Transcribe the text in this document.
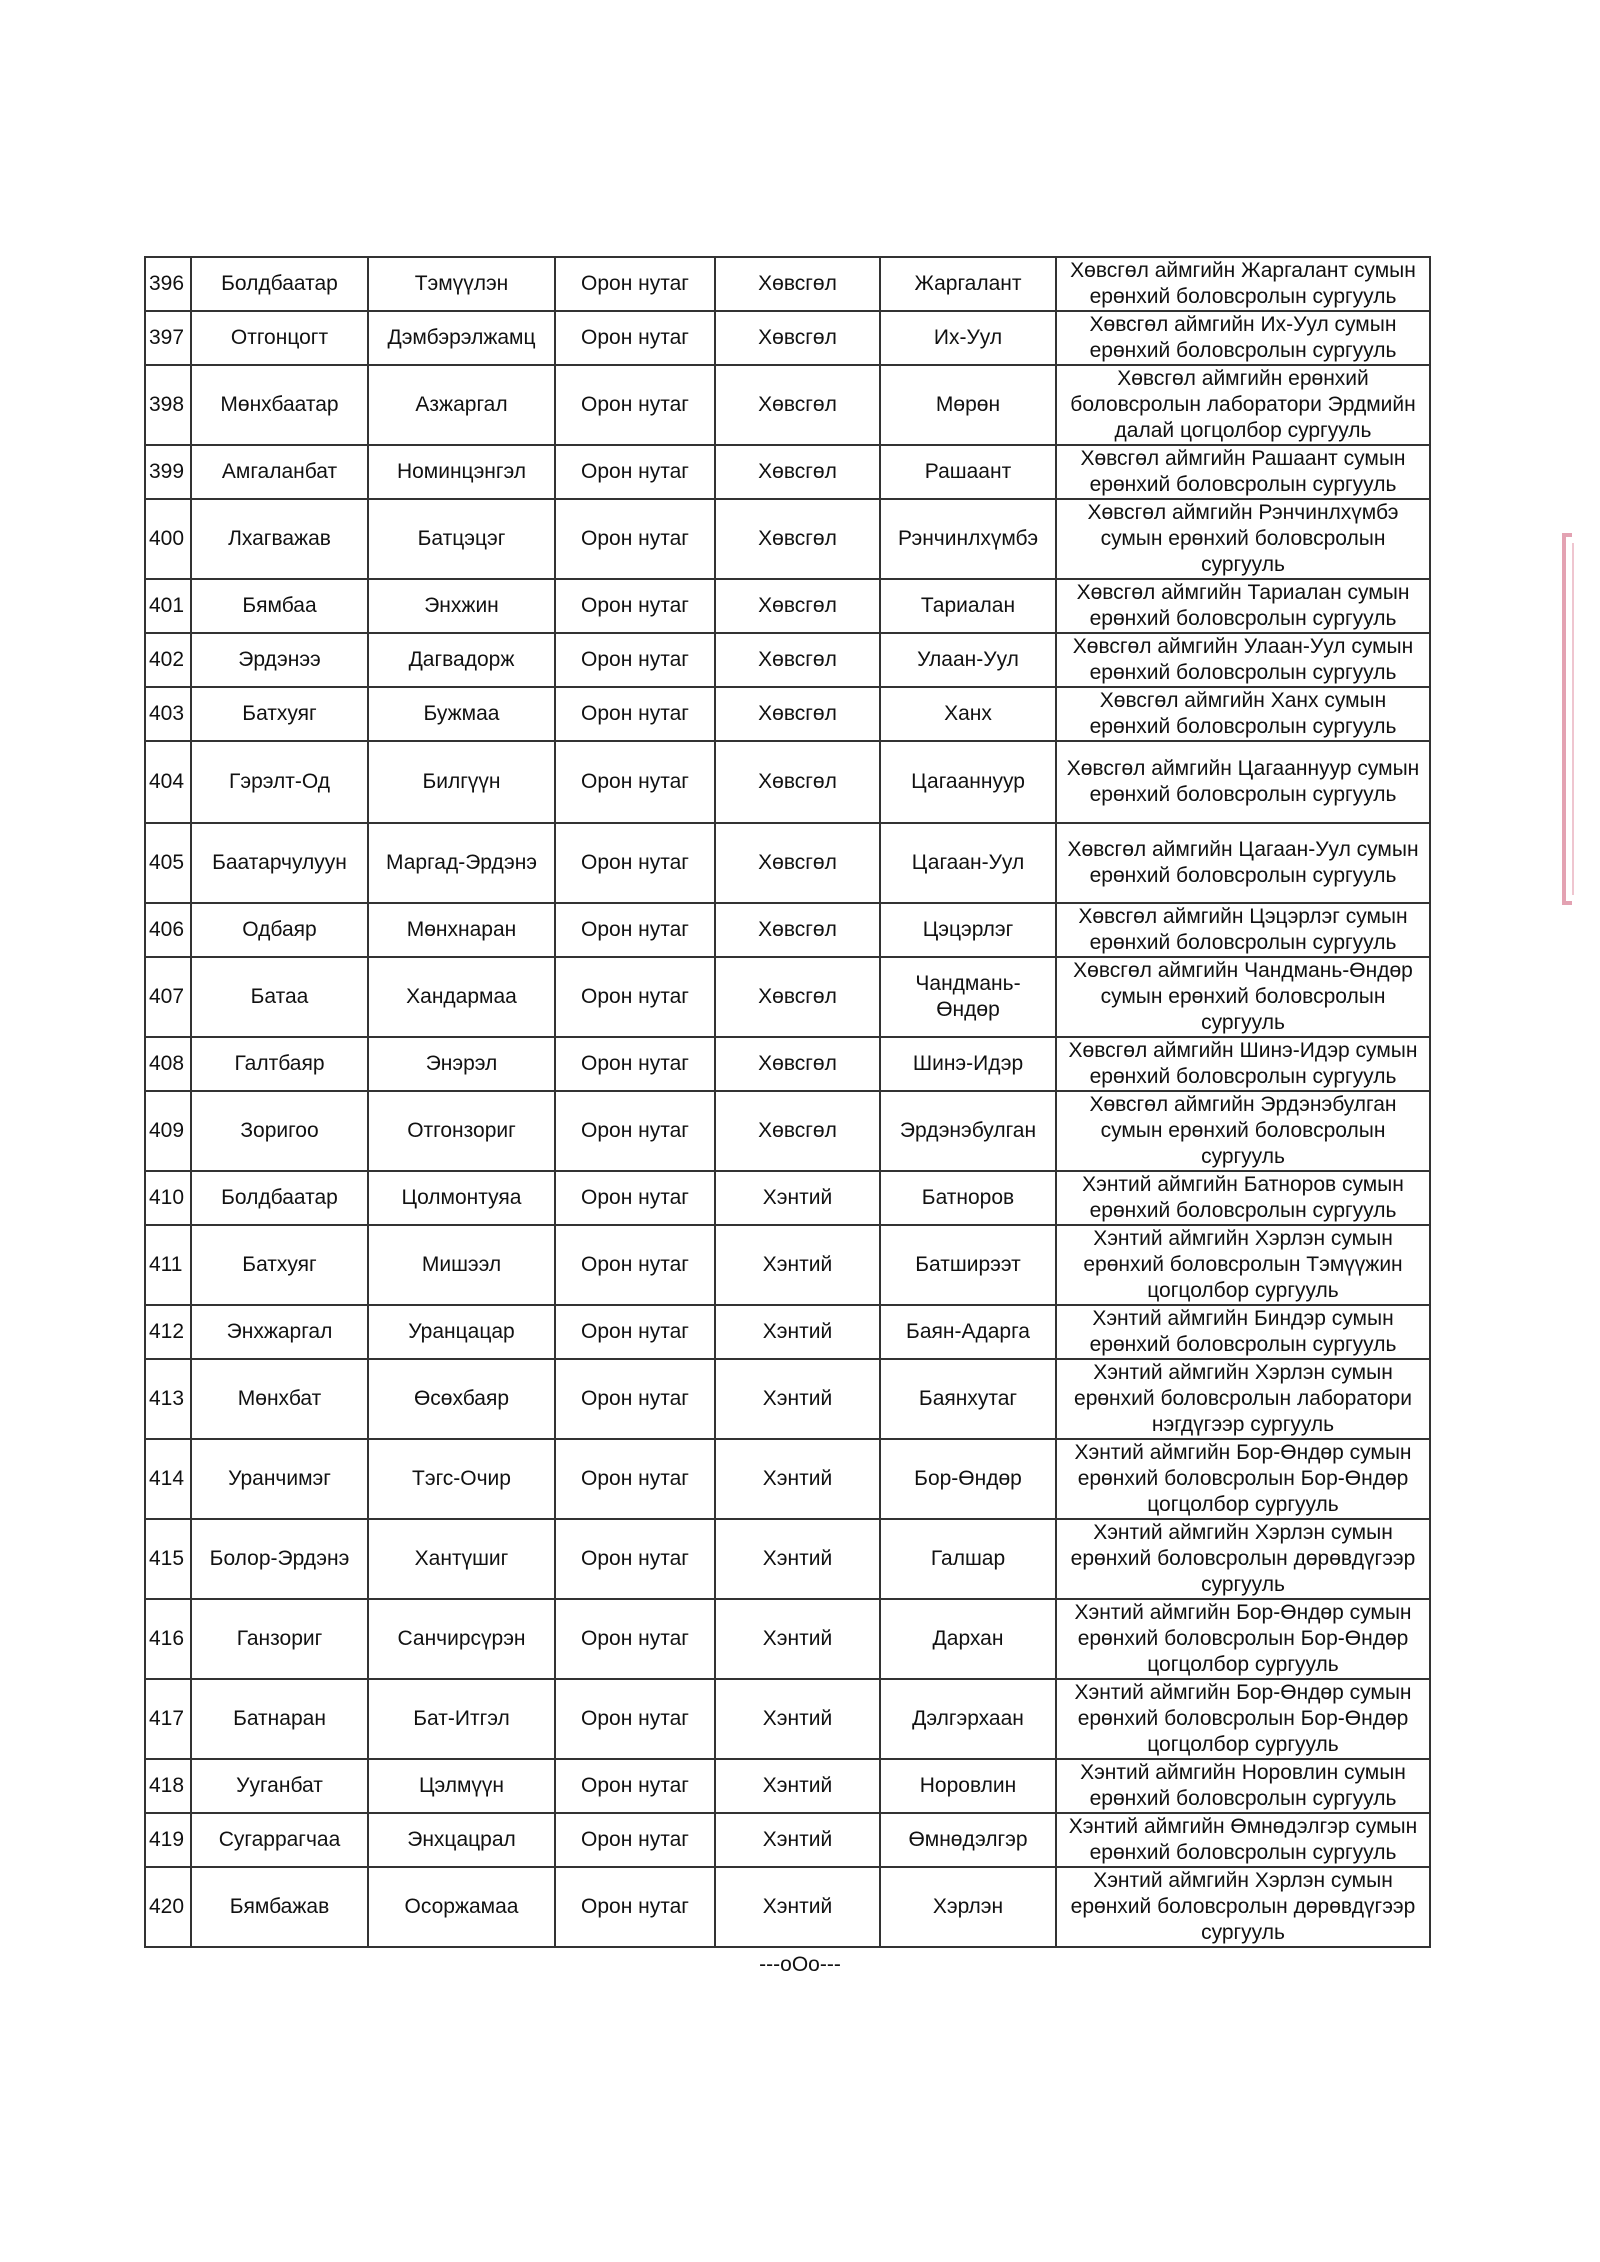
396	Болдбаатар	Тэмүүлэн	Орон нутаг	Хөвсгөл	Жаргалант	Хөвсгөл аймгийн Жаргалант сумын ерөнхий боловсролын сургууль
397	Отгонцогт	Дэмбэрэлжамц	Орон нутаг	Хөвсгөл	Их-Уул	Хөвсгөл аймгийн Их-Уул сумын ерөнхий боловсролын сургууль
398	Мөнхбаатар	Азжаргал	Орон нутаг	Хөвсгөл	Мөрөн	Хөвсгөл аймгийн ерөнхий боловсролын лаборатори Эрдмийн далай цогцолбор сургууль
399	Амгаланбат	Номинцэнгэл	Орон нутаг	Хөвсгөл	Рашаант	Хөвсгөл аймгийн Рашаант сумын ерөнхий боловсролын сургууль
400	Лхагважав	Батцэцэг	Орон нутаг	Хөвсгөл	Рэнчинлхүмбэ	Хөвсгөл аймгийн Рэнчинлхүмбэ сумын ерөнхий боловсролын сургууль
401	Бямбаа	Энхжин	Орон нутаг	Хөвсгөл	Тариалан	Хөвсгөл аймгийн Тариалан сумын ерөнхий боловсролын сургууль
402	Эрдэнээ	Дагвадорж	Орон нутаг	Хөвсгөл	Улаан-Уул	Хөвсгөл аймгийн Улаан-Уул сумын ерөнхий боловсролын сургууль
403	Батхуяг	Бужмаа	Орон нутаг	Хөвсгөл	Ханх	Хөвсгөл аймгийн Ханх сумын ерөнхий боловсролын сургууль
404	Гэрэлт-Од	Билгүүн	Орон нутаг	Хөвсгөл	Цагааннуур	Хөвсгөл аймгийн Цагааннуур сумын ерөнхий боловсролын сургууль
405	Баатарчулуун	Маргад-Эрдэнэ	Орон нутаг	Хөвсгөл	Цагаан-Уул	Хөвсгөл аймгийн Цагаан-Уул сумын ерөнхий боловсролын сургууль
406	Одбаяр	Мөнхнаран	Орон нутаг	Хөвсгөл	Цэцэрлэг	Хөвсгөл аймгийн Цэцэрлэг сумын ерөнхий боловсролын сургууль
407	Батаа	Хандармаа	Орон нутаг	Хөвсгөл	Чандмань-Өндөр	Хөвсгөл аймгийн Чандмань-Өндөр сумын ерөнхий боловсролын сургууль
408	Галтбаяр	Энэрэл	Орон нутаг	Хөвсгөл	Шинэ-Идэр	Хөвсгөл аймгийн Шинэ-Идэр сумын ерөнхий боловсролын сургууль
409	Зоригоо	Отгонзориг	Орон нутаг	Хөвсгөл	Эрдэнэбулган	Хөвсгөл аймгийн Эрдэнэбулган сумын ерөнхий боловсролын сургууль
410	Болдбаатар	Цолмонтуяа	Орон нутаг	Хэнтий	Батноров	Хэнтий аймгийн Батноров сумын ерөнхий боловсролын сургууль
411	Батхуяг	Мишээл	Орон нутаг	Хэнтий	Батширээт	Хэнтий аймгийн Хэрлэн сумын ерөнхий боловсролын Тэмүүжин цогцолбор сургууль
412	Энхжаргал	Уранцацар	Орон нутаг	Хэнтий	Баян-Адарга	Хэнтий аймгийн Биндэр сумын ерөнхий боловсролын сургууль
413	Мөнхбат	Өсөхбаяр	Орон нутаг	Хэнтий	Баянхутаг	Хэнтий аймгийн Хэрлэн сумын ерөнхий боловсролын лаборатори нэгдүгээр сургууль
414	Уранчимэг	Тэгс-Очир	Орон нутаг	Хэнтий	Бор-Өндөр	Хэнтий аймгийн Бор-Өндөр сумын ерөнхий боловсролын Бор-Өндөр цогцолбор сургууль
415	Болор-Эрдэнэ	Хантүшиг	Орон нутаг	Хэнтий	Галшар	Хэнтий аймгийн Хэрлэн сумын ерөнхий боловсролын дөрөвдүгээр сургууль
416	Ганзориг	Санчирсүрэн	Орон нутаг	Хэнтий	Дархан	Хэнтий аймгийн Бор-Өндөр сумын ерөнхий боловсролын Бор-Өндөр цогцолбор сургууль
417	Батнаран	Бат-Итгэл	Орон нутаг	Хэнтий	Дэлгэрхаан	Хэнтий аймгийн Бор-Өндөр сумын ерөнхий боловсролын Бор-Өндөр цогцолбор сургууль
418	Ууганбат	Цэлмүүн	Орон нутаг	Хэнтий	Норовлин	Хэнтий аймгийн Норовлин сумын ерөнхий боловсролын сургууль
419	Сугаррагчаа	Энхцацрал	Орон нутаг	Хэнтий	Өмнөдэлгэр	Хэнтий аймгийн Өмнөдэлгэр сумын ерөнхий боловсролын сургууль
420	Бямбажав	Осоржамаа	Орон нутаг	Хэнтий	Хэрлэн	Хэнтий аймгийн Хэрлэн сумын ерөнхий боловсролын дөрөвдүгээр сургууль
---оОо---
